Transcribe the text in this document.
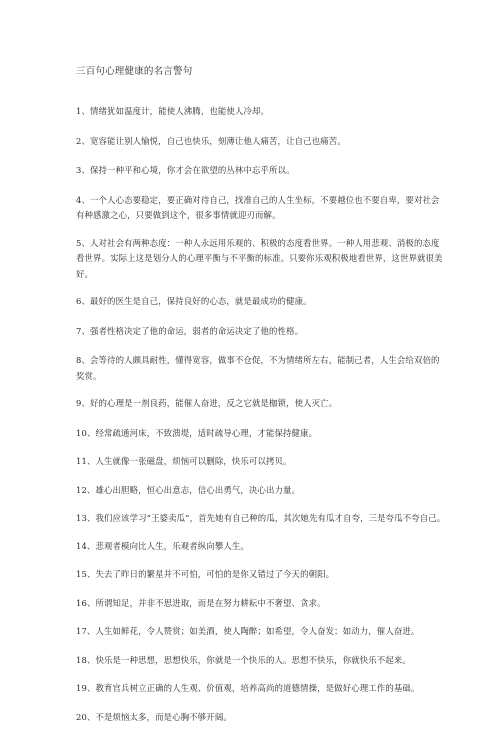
三百句心理健康的名言警句
1、情绪犹如温度计，能使人沸腾，也能使人冷却。
2、宽容能让别人愉悦，自己也快乐，刻薄让他人痛苦，让自己也痛苦。
3、保持一种平和心境，你才会在欲望的丛林中忘乎所以。
4、一个人心态要稳定，要正确对待自己，找准自己的人生坐标，不要越位也不要自卑，要对社会有种感激之心，只要做到这个，很多事情就迎刃而解。
5、人对社会有两种态度：一种人永远用乐观的、积极的态度看世界。一种人用悲观、消极的态度看世界。实际上这是划分人的心理平衡与不平衡的标准。只要你乐观积极地看世界，这世界就很美好。
6、最好的医生是自己，保持良好的心态，就是最成功的健康。
7、强者性格决定了他的命运，弱者的命运决定了他的性格。
8、会等待的人颇具耐性，懂得宽容，做事不仓促，不为情绪所左右，能制己者，人生会给双倍的奖赏。
9、好的心理是一剂良药，能催人奋进，反之它就是枷锁，使人灭亡。
10、经常疏通河床，不致溃堤，适时疏导心理，才能保持健康。
11、人生就像一张磁盘，烦恼可以删除，快乐可以拷贝。
12、雄心出胆略，恒心出意志，信心出勇气，决心出力量。
13、我们应该学习“王婆卖瓜”，首先她有自己种的瓜，其次她先有瓜才自夸，三是夸瓜不夸自己。
14、悲观者模向比人生，乐观者纵向攀人生。
15、失去了昨日的繁星并不可怕，可怕的是你又错过了今天的朝阳。
16、所谓知足，并非不思进取，而是在努力耕耘中不奢望、贪求。
17、人生如鲜花，令人赞赏；如美酒，使人陶醉；如希望，令人奋发；如动力，催人奋进。
18、快乐是一种思想，思想快乐，你就是一个快乐的人。思想不快乐，你就快乐不起来。
19、教育官兵树立正确的人生观、价值观，培养高尚的道德情操，是做好心理工作的基础。
20、不是烦恼太多，而是心胸不够开阔。
